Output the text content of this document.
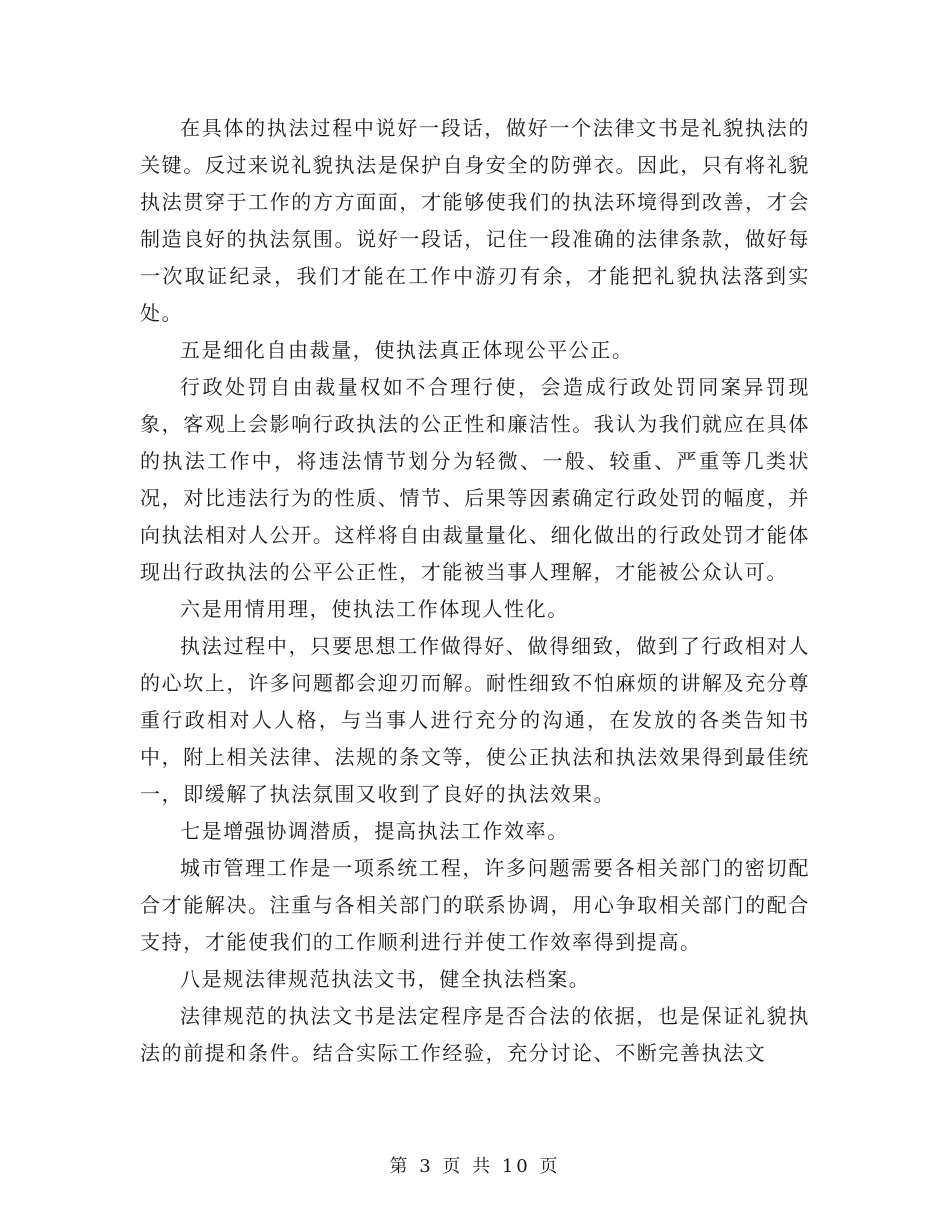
在具体的执法过程中说好一段话，做好一个法律文书是礼貌执法的关键。反过来说礼貌执法是保护自身安全的防弹衣。因此，只有将礼貌执法贯穿于工作的方方面面，才能够使我们的执法环境得到改善，才会制造良好的执法氛围。说好一段话，记住一段准确的法律条款，做好每一次取证纪录，我们才能在工作中游刃有余，才能把礼貌执法落到实处。

五是细化自由裁量，使执法真正体现公平公正。

行政处罚自由裁量权如不合理行使，会造成行政处罚同案异罚现象，客观上会影响行政执法的公正性和廉洁性。我认为我们就应在具体的执法工作中，将违法情节划分为轻微、一般、较重、严重等几类状况，对比违法行为的性质、情节、后果等因素确定行政处罚的幅度，并向执法相对人公开。这样将自由裁量量化、细化做出的行政处罚才能体现出行政执法的公平公正性，才能被当事人理解，才能被公众认可。

六是用情用理，使执法工作体现人性化。

执法过程中，只要思想工作做得好、做得细致，做到了行政相对人的心坎上，许多问题都会迎刃而解。耐性细致不怕麻烦的讲解及充分尊重行政相对人人格，与当事人进行充分的沟通，在发放的各类告知书中，附上相关法律、法规的条文等，使公正执法和执法效果得到最佳统一，即缓解了执法氛围又收到了良好的执法效果。

七是增强协调潜质，提高执法工作效率。

城市管理工作是一项系统工程，许多问题需要各相关部门的密切配合才能解决。注重与各相关部门的联系协调，用心争取相关部门的配合支持，才能使我们的工作顺利进行并使工作效率得到提高。

八是规法律规范执法文书，健全执法档案。

法律规范的执法文书是法定程序是否合法的依据，也是保证礼貌执法的前提和条件。结合实际工作经验，充分讨论、不断完善执法文

第 3 页 共 10 页
